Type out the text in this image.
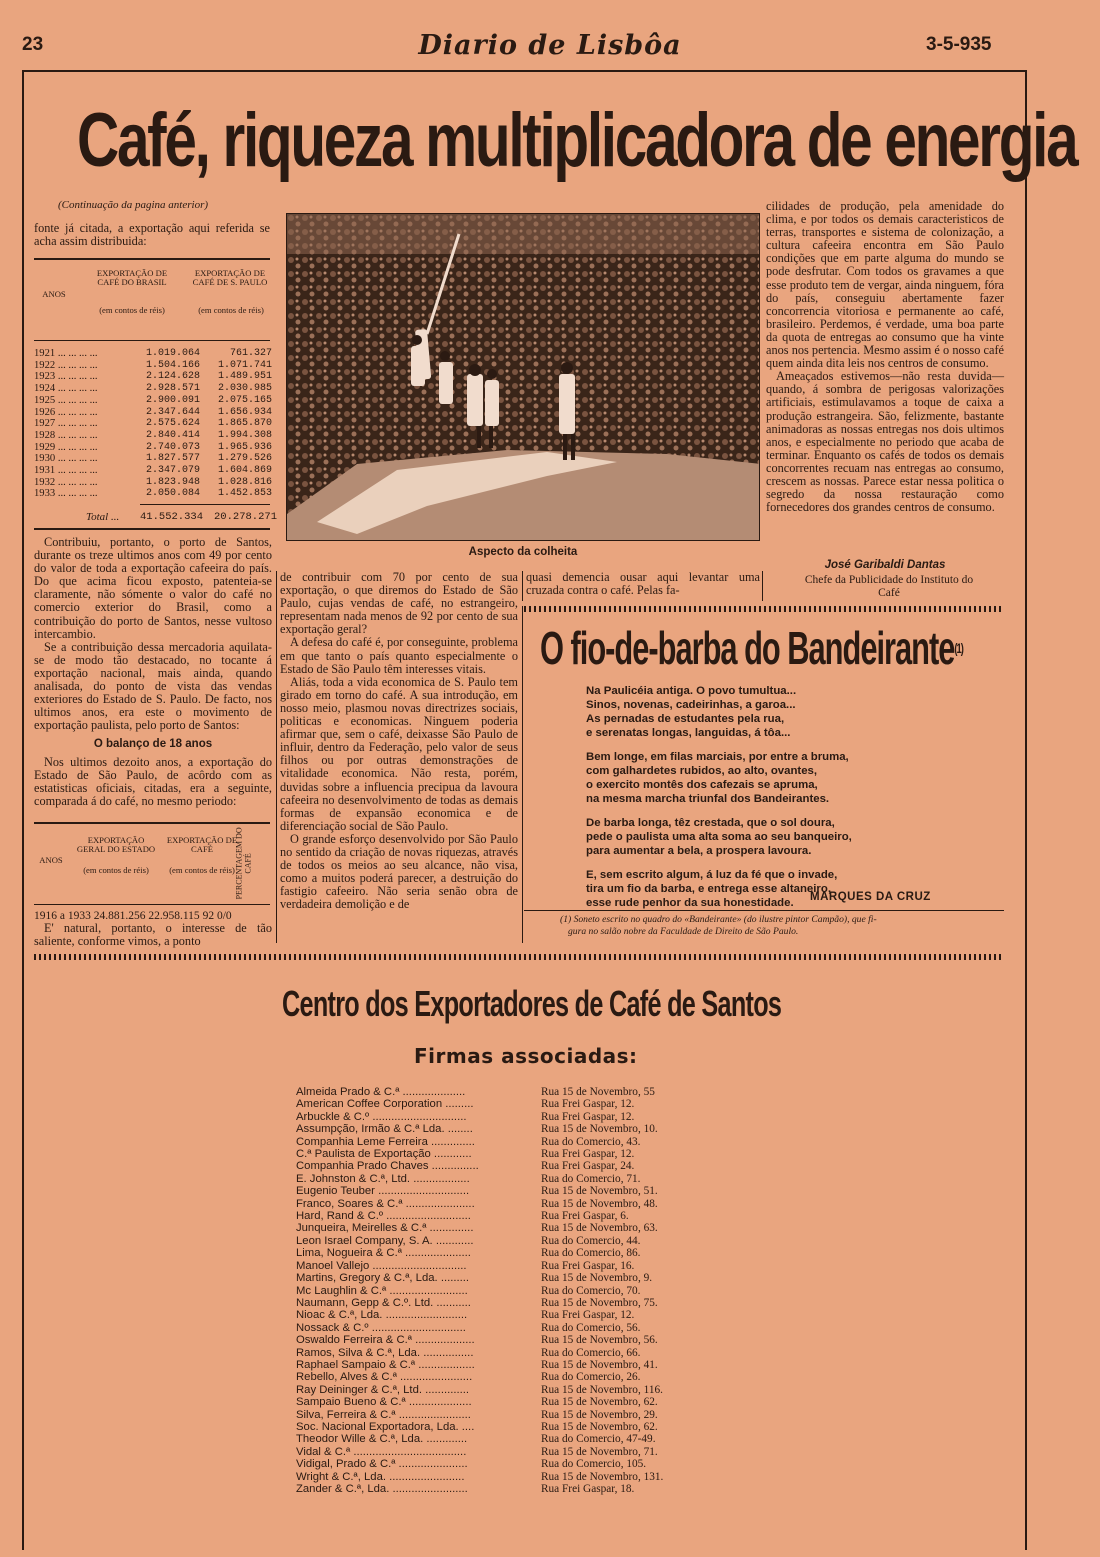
23	Diario de Lisbôa	3-5-935
Café, riqueza multiplicadora de energia
(Continuação da pagina anterior)

fonte já citada, a exportação aqui referida se acha assim distribuida:

ANOS
EXPORTAÇÃO DE CAFÉ DO BRASIL
(em contos de réis)
EXPORTAÇÃO DE CAFÉ DE S. PAULO
(em contos de réis)
1921 ... ... ... ...	1.019.064	761.327
1922 ... ... ... ...	1.504.166	1.071.741
1923 ... ... ... ...	2.124.628	1.489.951
1924 ... ... ... ...	2.928.571	2.030.985
1925 ... ... ... ...	2.900.091	2.075.165
1926 ... ... ... ...	2.347.644	1.656.934
1927 ... ... ... ...	2.575.624	1.865.870
1928 ... ... ... ...	2.840.414	1.994.308
1929 ... ... ... ...	2.740.073	1.965.936
1930 ... ... ... ...	1.827.577	1.279.526
1931 ... ... ... ...	2.347.079	1.604.869
1932 ... ... ... ...	1.823.948	1.028.816
1933 ... ... ... ...	2.050.084	1.452.853
Total ... 41.552.334 20.278.271

Contribuiu, portanto, o porto de Santos, durante os treze ultimos anos com 49 por cento do valor de toda a exportação cafeeira do país. Do que acima ficou exposto, patenteia-se claramente, não sómente o valor do café no comercio exterior do Brasil, como a contribuição do porto de Santos, nesse vultoso intercambio.

Se a contribuição dessa mercadoria aquilata-se de modo tão destacado, no tocante á exportação nacional, mais ainda, quando analisada, do ponto de vista das vendas exteriores do Estado de S. Paulo. De facto, nos ultimos anos, era este o movimento de exportação paulista, pelo porto de Santos:

O balanço de 18 anos

Nos ultimos dezoito anos, a exportação do Estado de São Paulo, de acôrdo com as estatisticas oficiais, citadas, era a seguinte, comparada á do café, no mesmo periodo:

ANOS
EXPORTAÇÃO GERAL DO ESTADO
(em contos de réis)
EXPORTAÇÃO DE CAFÉ
(em contos de réis) PERCENTAGEM DO CAFÉ
1916 a 1933 24.881.256 22.958.115 92 0/0

E' natural, portanto, o interesse de tão saliente, conforme vimos, a ponto

Aspecto da colheita

de contribuir com 70 por cento de sua exportação, o que diremos do Estado de São Paulo, cujas vendas de café, no estrangeiro, representam nada menos de 92 por cento de sua exportação geral?

A defesa do café é, por conseguinte, problema em que tanto o país quanto especialmente o Estado de São Paulo têm interesses vitais.

Aliás, toda a vida economica de S. Paulo tem girado em torno do café. A sua introdução, em nosso meio, plasmou novas directrizes sociais, politicas e economicas. Ninguem poderia afirmar que, sem o café, deixasse São Paulo de influir, dentro da Federação, pelo valor de seus filhos ou por outras demonstrações de vitalidade economica. Não resta, porém, duvidas sobre a influencia precipua da lavoura cafeeira no desenvolvimento de todas as demais formas de expansão economica e de diferenciação social de São Paulo.

O grande esforço desenvolvido por São Paulo no sentido da criação de novas riquezas, através de todos os meios ao seu alcance, não visa, como a muitos poderá parecer, a destruição do fastigio cafeeiro. Não seria senão obra de verdadeira demolição e de

quasi demencia ousar aqui levantar uma cruzada contra o café. Pelas fa-

cilidades de produção, pela amenidade do clima, e por todos os demais caracteristicos de terras, transportes e sistema de colonização, a cultura cafeeira encontra em São Paulo condições que em parte alguma do mundo se pode desfrutar. Com todos os gravames a que esse produto tem de vergar, ainda ninguem, fóra do país, conseguiu abertamente fazer concorrencia vitoriosa e permanente ao café, brasileiro. Perdemos, é verdade, uma boa parte da quota de entregas ao consumo que ha vinte anos nos pertencia. Mesmo assim é o nosso café quem ainda dita leis nos centros de consumo.

Ameaçados estivemos—não resta duvida—quando, á sombra de perigosas valorizações artificiais, estimulavamos a toque de caixa a produção estrangeira. São, felizmente, bastante animadoras as nossas entregas nos dois ultimos anos, e especialmente no periodo que acaba de terminar. Enquanto os cafés de todos os demais concorrentes recuam nas entregas ao consumo, crescem as nossas. Parece estar nessa politica o segredo da nossa restauração como fornecedores dos grandes centros de consumo.

José Garibaldi Dantas
Chefe da Publicidade do Instituto do Café
O fio-de-barba do Bandeirante$^{(1)}$
Na Paulicéia antiga. O povo tumultua...
Sinos, novenas, cadeirinhas, a garoa...
As pernadas de estudantes pela rua,
e serenatas longas, languidas, á tôa...
Bem longe, em filas marciais, por entre a bruma,
com galhardetes rubidos, ao alto, ovantes,
o exercito montês dos cafezais se apruma,
na mesma marcha triunfal dos Bandeirantes.
De barba longa, têz crestada, que o sol doura,
pede o paulista uma alta soma ao seu banqueiro,
para aumentar a bela, a prospera lavoura.
E, sem escrito algum, á luz da fé que o invade,
tira um fio da barba, e entrega esse altaneiro,
esse rude penhor da sua honestidade.	MARQUES DA CRUZ
(1) Soneto escrito no quadro do «Bandeirante» (do ilustre pintor Campão), que fi-
gura no salão nobre da Faculdade de Direito de São Paulo.
Centro dos Exportadores de Café de Santos
Firmas associadas:
Almeida Prado & C.ª ....................	Rua 15 de Novembro, 55
American Coffee Corporation .........	Rua Frei Gaspar, 12.
Arbuckle & C.º ..............................	Rua Frei Gaspar, 12.
Assumpção, Irmão & C.ª Lda. ........	Rua 15 de Novembro, 10.
Companhia Leme Ferreira ..............	Rua do Comercio, 43.
C.ª Paulista de Exportação ............	Rua Frei Gaspar, 12.
Companhia Prado Chaves ...............	Rua Frei Gaspar, 24.
E. Johnston & C.ª, Ltd. ..................	Rua do Comercio, 71.
Eugenio Teuber .............................	Rua 15 de Novembro, 51.
Franco, Soares & C.ª ......................	Rua 15 de Novembro, 48.
Hard, Rand & C.º ...........................	Rua Frei Gaspar, 6.
Junqueira, Meirelles & C.ª ..............	Rua 15 de Novembro, 63.
Leon Israel Company, S. A. ............	Rua do Comercio, 44.
Lima, Nogueira & C.ª .....................	Rua do Comercio, 86.
Manoel Vallejo ..............................	Rua Frei Gaspar, 16.
Martins, Gregory & C.ª, Lda. .........	Rua 15 de Novembro, 9.
Mc Laughlin & C.ª .........................	Rua do Comercio, 70.
Naumann, Gepp & C.º. Ltd. ...........	Rua 15 de Novembro, 75.
Nioac & C.ª, Lda. ..........................	Rua Frei Gaspar, 12.
Nossack & C.º ..............................	Rua do Comercio, 56.
Oswaldo Ferreira & C.ª ...................	Rua 15 de Novembro, 56.
Ramos, Silva & C.ª, Lda. ................	Rua do Comercio, 66.
Raphael Sampaio & C.ª ..................	Rua 15 de Novembro, 41.
Rebello, Alves & C.ª .......................	Rua do Comercio, 26.
Ray Deininger & C.ª, Ltd. ..............	Rua 15 de Novembro, 116.
Sampaio Bueno & C.ª ....................	Rua 15 de Novembro, 62.
Silva, Ferreira & C.ª .......................	Rua 15 de Novembro, 29.
Soc. Nacional Exportadora, Lda. ....	Rua 15 de Novembro, 62.
Theodor Wille & C.ª, Lda. .............	Rua do Comercio, 47-49.
Vidal & C.ª ....................................	Rua 15 de Novembro, 71.
Vidigal, Prado & C.ª ......................	Rua do Comercio, 105.
Wright & C.ª, Lda. ........................	Rua 15 de Novembro, 131.
Zander & C.ª, Lda. ........................	Rua Frei Gaspar, 18.
